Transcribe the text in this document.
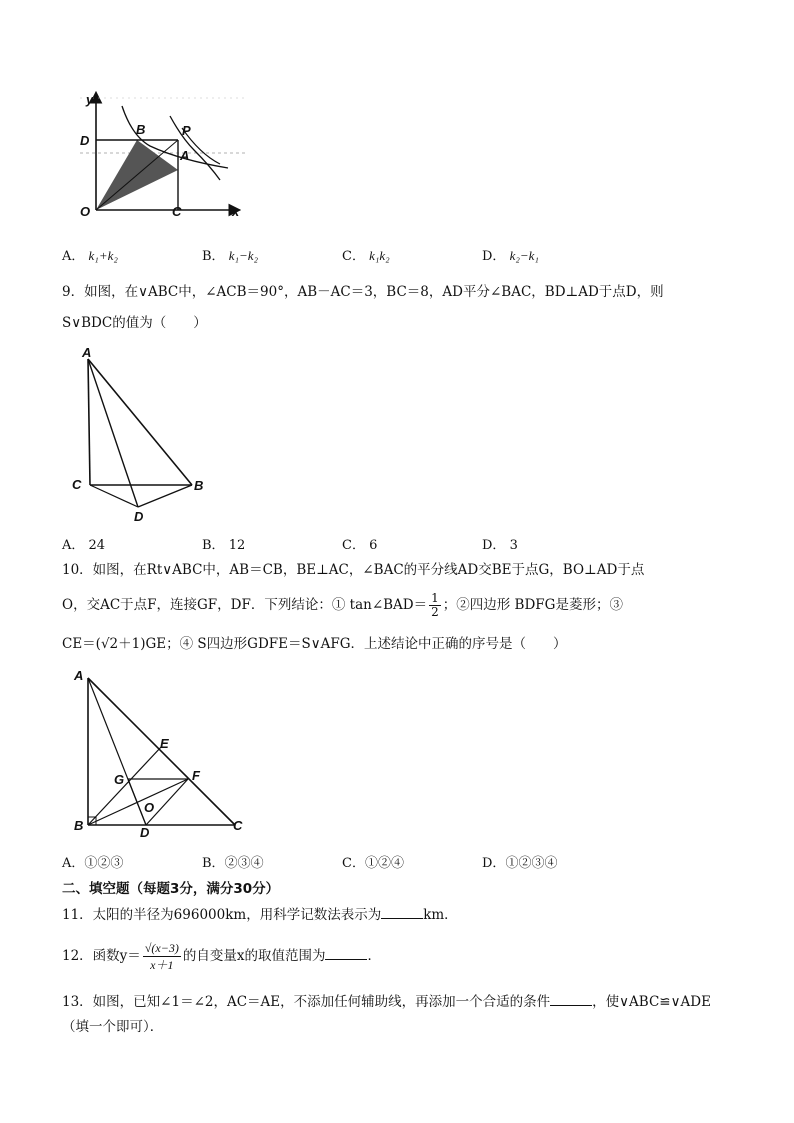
y
x
O
D
B	P
A
C
A． k₁+k₂	B． k₁−k₂	C． k₁k₂	D． k₂−k₁
9．如图，在∨ABC中，∠ACB＝90°，AB－AC＝3，BC＝8，AD平分∠BAC，BD⊥AD于点D，则
S∨BDC的值为（　　）
A
C	B
D
A． 24	B． 12	C． 6	D． 3
10．如图，在Rt∨ABC中，AB＝CB，BE⊥AC，∠BAC的平分线AD交BE于点G，BO⊥AD于点
O，交AC于点F，连接GF，DF．下列结论：① tan∠BAD＝ $\frac{1}{2}$ ；②四边形 BDFG是菱形；③
CE＝(√2＋1)GE；④ S四边形GDFE＝S∨AFG．上述结论中正确的序号是（　　）
A
E
G	F
O
B	D	C
A．①②③	B．②③④	C．①②④	D．①②③④
二、填空题（每题3分，满分30分）
11．太阳的半径为696000km，用科学记数法表示为	km．
12．函数$y= \frac{√(x-3)}{x+1}$ 的自变量x的取值范围为	．
13．如图，已知∠1＝∠2，AC＝AE，不添加任何辅助线，再添加一个合适的条件	，使∨ABC≌∨ADE
（填一个即可）．
